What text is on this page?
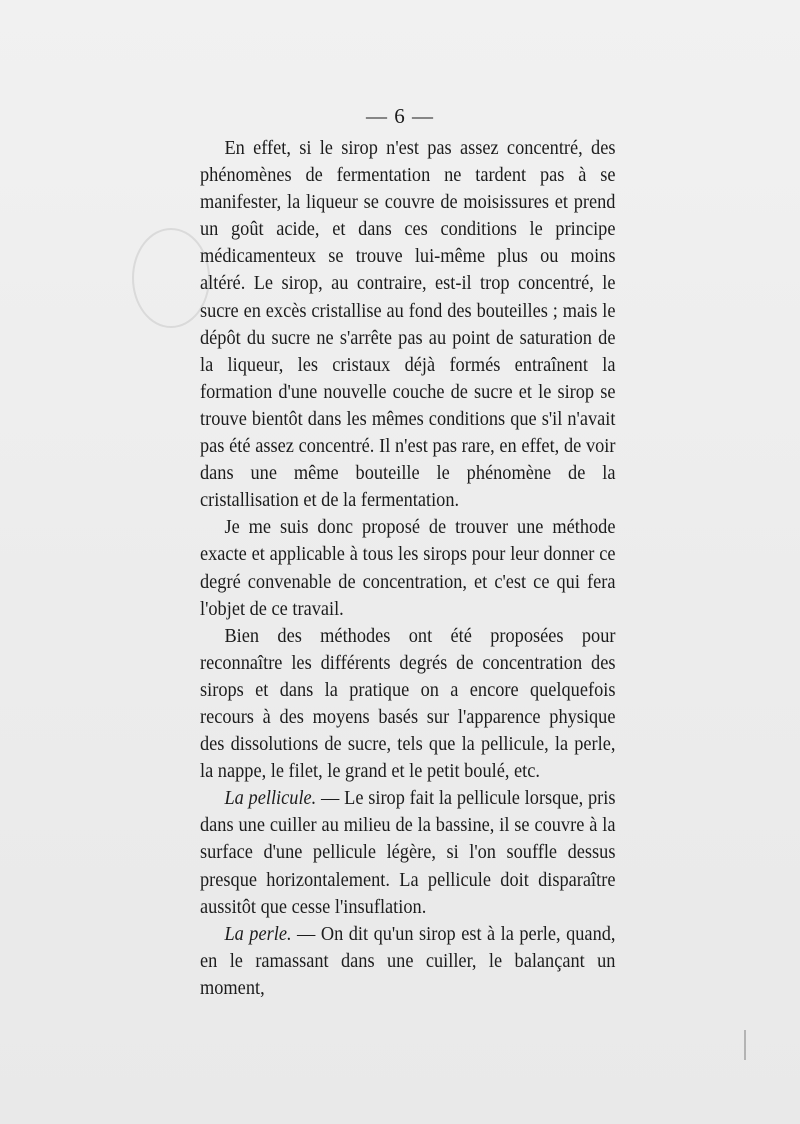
— 6 —

En effet, si le sirop n'est pas assez concentré, des phénomènes de fermentation ne tardent pas à se manifester, la liqueur se couvre de moisissures et prend un goût acide, et dans ces conditions le principe médicamenteux se trouve lui-même plus ou moins altéré. Le sirop, au contraire, est-il trop concentré, le sucre en excès cristallise au fond des bouteilles ; mais le dépôt du sucre ne s'arrête pas au point de saturation de la liqueur, les cristaux déjà formés entraînent la formation d'une nouvelle couche de sucre et le sirop se trouve bientôt dans les mêmes conditions que s'il n'avait pas été assez concentré. Il n'est pas rare, en effet, de voir dans une même bouteille le phénomène de la cristallisation et de la fermentation.

Je me suis donc proposé de trouver une méthode exacte et applicable à tous les sirops pour leur donner ce degré convenable de concentration, et c'est ce qui fera l'objet de ce travail.

Bien des méthodes ont été proposées pour reconnaître les différents degrés de concentration des sirops et dans la pratique on a encore quelquefois recours à des moyens basés sur l'apparence physique des dissolutions de sucre, tels que la pellicule, la perle, la nappe, le filet, le grand et le petit boulé, etc.

La pellicule. — Le sirop fait la pellicule lorsque, pris dans une cuiller au milieu de la bassine, il se couvre à la surface d'une pellicule légère, si l'on souffle dessus presque horizontalement. La pellicule doit disparaître aussitôt que cesse l'insuflation.

La perle. — On dit qu'un sirop est à la perle, quand, en le ramassant dans une cuiller, le balançant un moment,
